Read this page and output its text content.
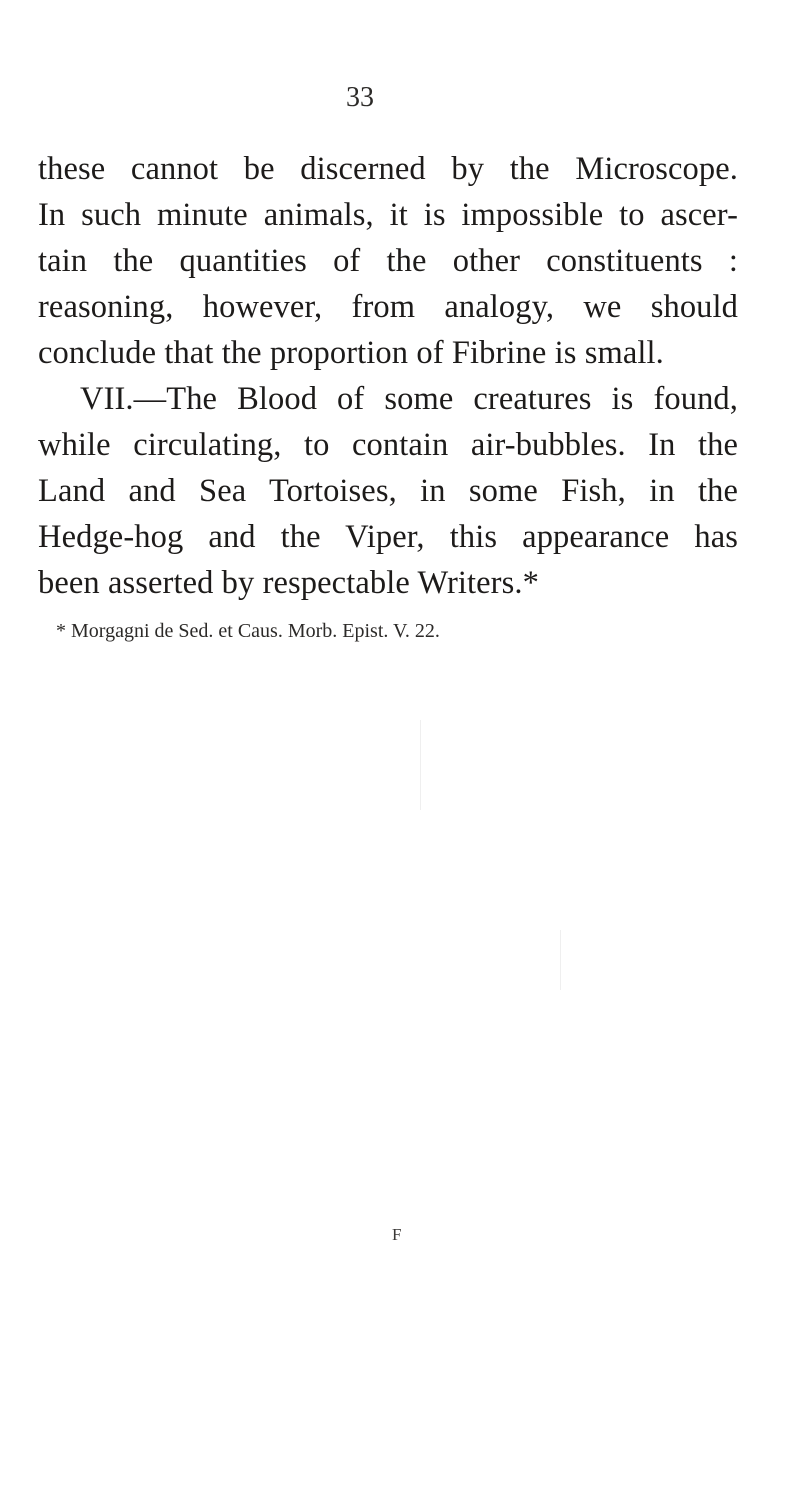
33
these cannot be discerned by the Microscope.
In such minute animals, it is impossible to ascer-
tain the quantities of the other constituents :
reasoning, however, from analogy, we should
conclude that the proportion of Fibrine is small.
VII.—The Blood of some creatures is found,
while circulating, to contain air-bubbles. In the
Land and Sea Tortoises, in some Fish, in the
Hedge-hog and the Viper, this appearance has
been asserted by respectable Writers.*
* Morgagni de Sed. et Caus. Morb. Epist. V. 22.
F
